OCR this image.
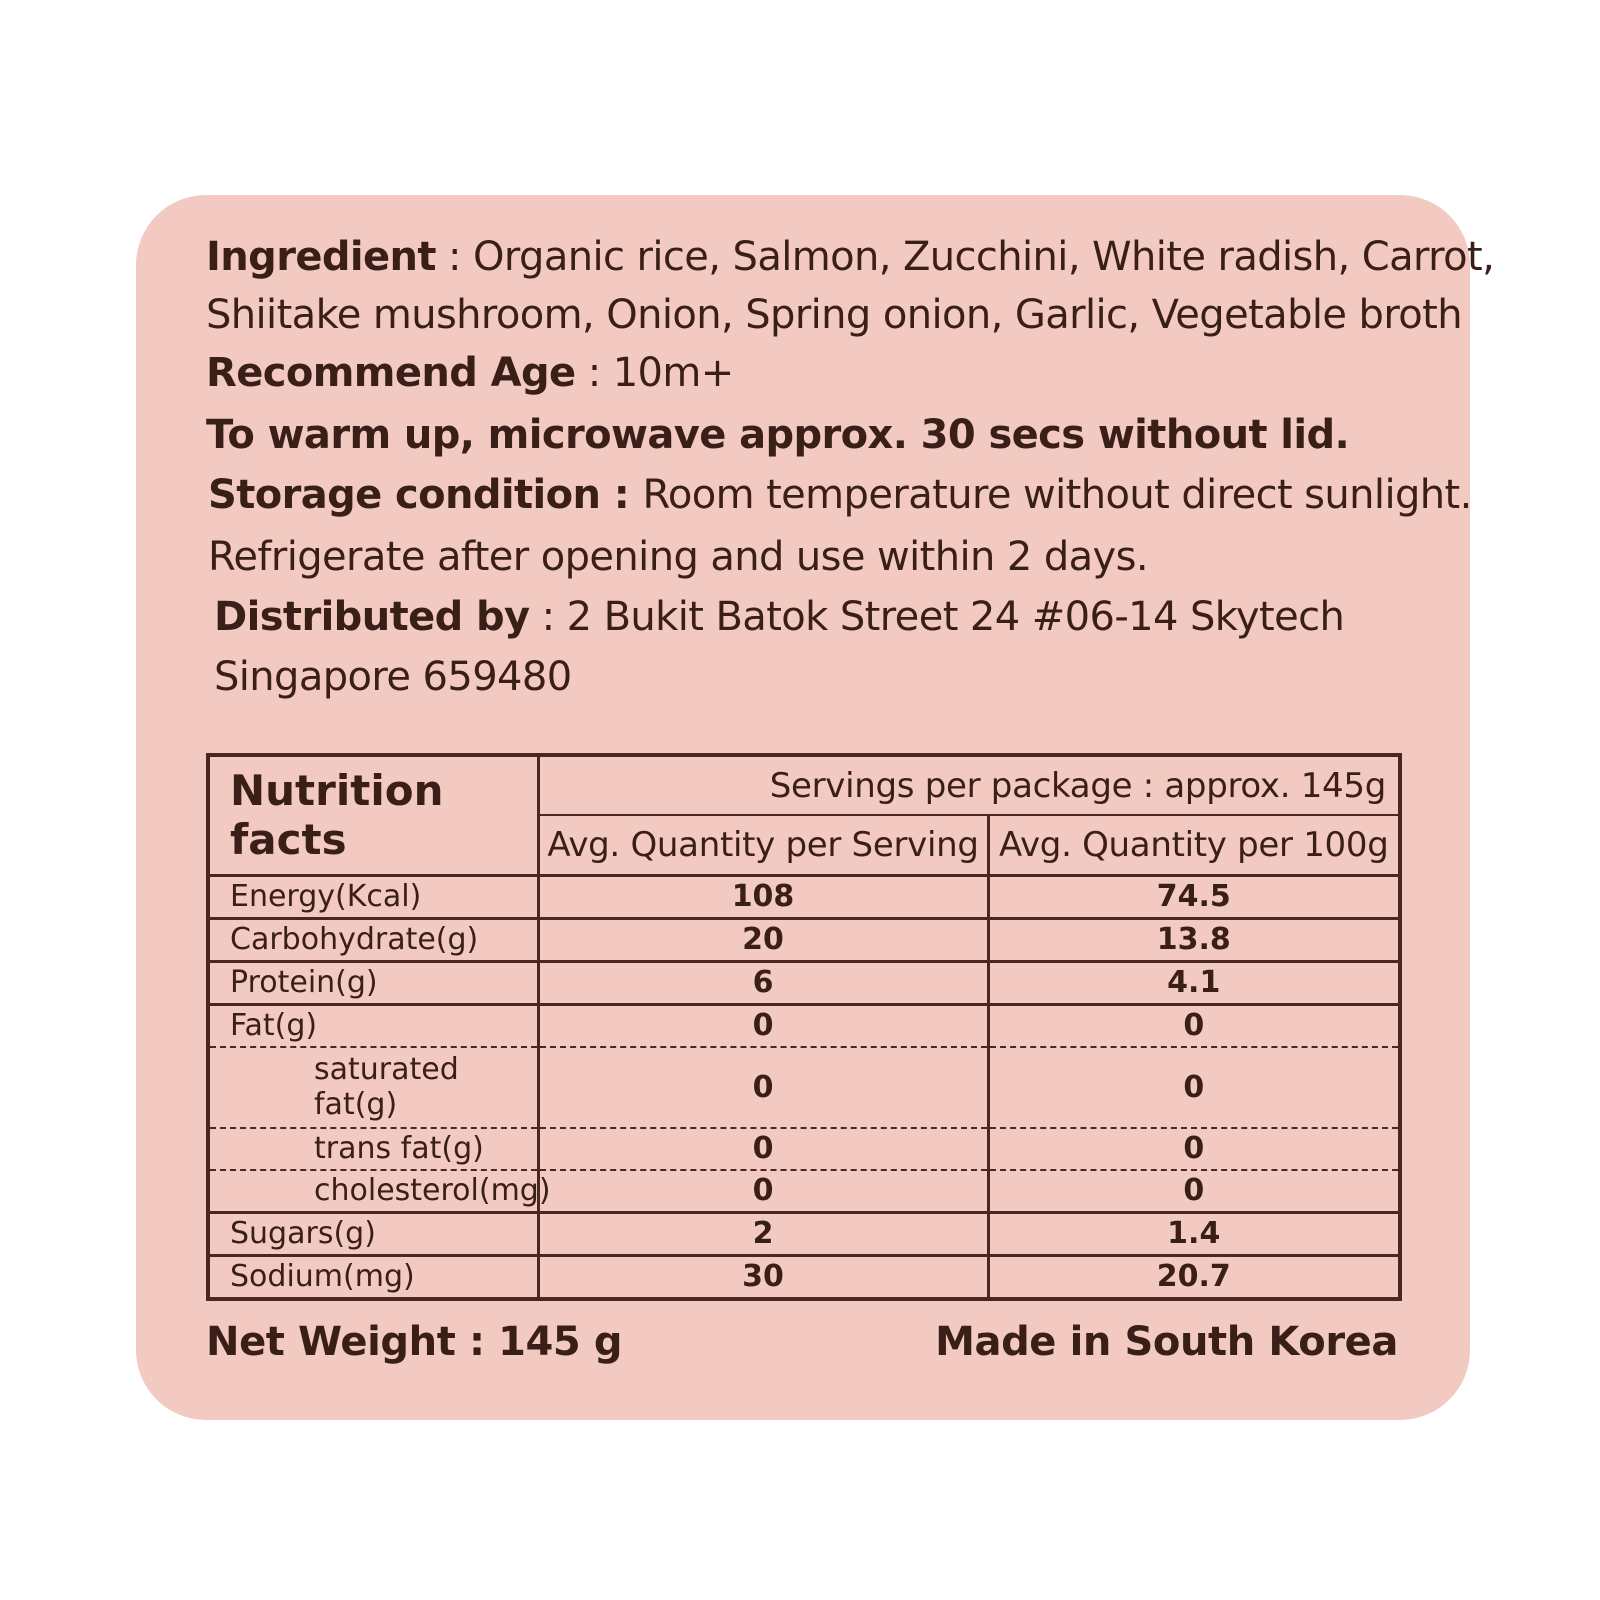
Ingredient : Organic rice, Salmon, Zucchini, White radish, Carrot,
Shiitake mushroom, Onion, Spring onion, Garlic, Vegetable broth
Recommend Age : 10m+
To warm up, microwave approx. 30 secs without lid.
Storage condition : Room temperature without direct sunlight.
Refrigerate after opening and use within 2 days.
Distributed by : 2 Bukit Batok Street 24 #06-14 Skytech
Singapore 659480
Nutrition facts	Servings per package : approx. 145g	
	Avg. Quantity per Serving	Avg. Quantity per 100g
Energy(Kcal)	108	74.5
Carbohydrate(g)	20	13.8
Protein(g)	6	4.1
Fat(g)	0	0
saturated fat(g)	0	0
trans fat(g)	0	0
cholesterol(mg)	0	0
Sugars(g)	2	1.4
Sodium(mg)	30	20.7
Net Weight : 145 g	Made in South Korea
